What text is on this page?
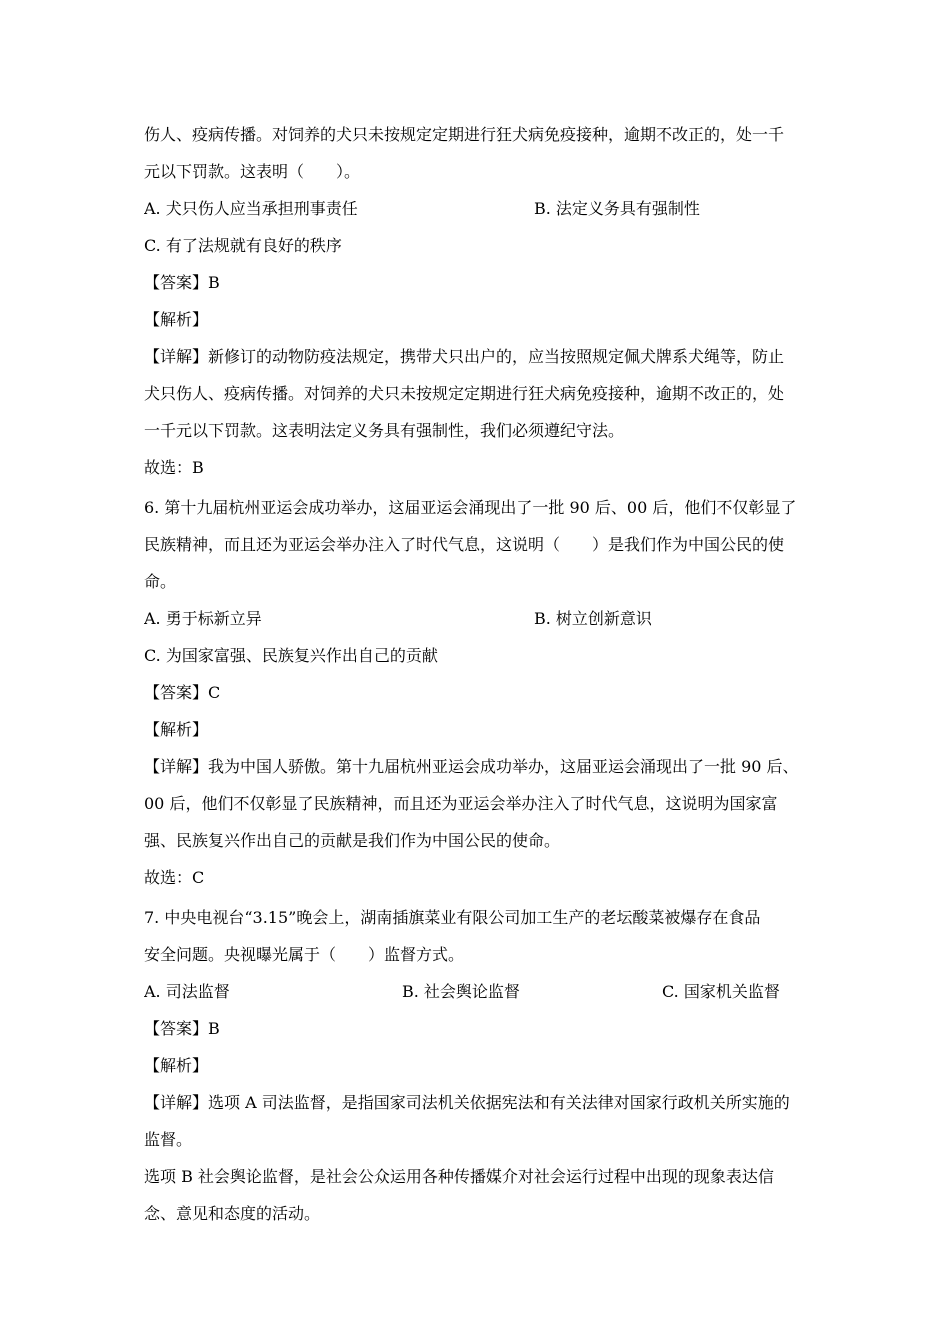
伤人、疫病传播。对饲养的犬只未按规定定期进行狂犬病免疫接种，逾期不改正的，处一千
元以下罚款。这表明（　　）。
A. 犬只伤人应当承担刑事责任	B. 法定义务具有强制性
C. 有了法规就有良好的秩序
【答案】B
【解析】
【详解】新修订的动物防疫法规定，携带犬只出户的，应当按照规定佩犬牌系犬绳等，防止
犬只伤人、疫病传播。对饲养的犬只未按规定定期进行狂犬病免疫接种，逾期不改正的，处
一千元以下罚款。这表明法定义务具有强制性，我们必须遵纪守法。
故选：B
6. 第十九届杭州亚运会成功举办，这届亚运会涌现出了一批 90 后、00 后，他们不仅彰显了
民族精神，而且还为亚运会举办注入了时代气息，这说明（　　）是我们作为中国公民的使
命。
A. 勇于标新立异	B. 树立创新意识
C. 为国家富强、民族复兴作出自己的贡献
【答案】C
【解析】
【详解】我为中国人骄傲。第十九届杭州亚运会成功举办，这届亚运会涌现出了一批 90 后、
00 后，他们不仅彰显了民族精神，而且还为亚运会举办注入了时代气息，这说明为国家富
强、民族复兴作出自己的贡献是我们作为中国公民的使命。
故选：C
7. 中央电视台“3.15”晚会上，湖南插旗菜业有限公司加工生产的老坛酸菜被爆存在食品
安全问题。央视曝光属于（　　）监督方式。
A. 司法监督	B. 社会舆论监督	C. 国家机关监督
【答案】B
【解析】
【详解】选项 A 司法监督，是指国家司法机关依据宪法和有关法律对国家行政机关所实施的
监督。
选项 B 社会舆论监督，是社会公众运用各种传播媒介对社会运行过程中出现的现象表达信
念、意见和态度的活动。
